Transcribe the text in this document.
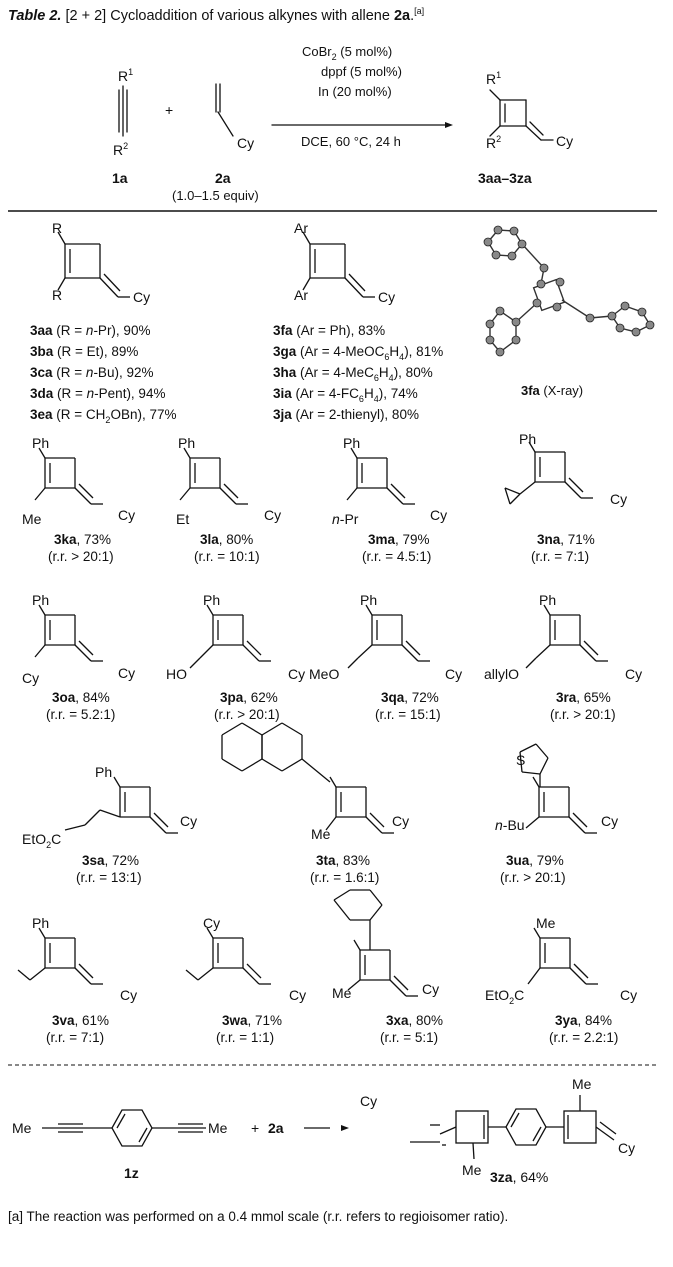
Table 2. [2 + 2] Cycloaddition of various alkynes with allene 2a.[a]
$R^1$
$R^2$
+
Cy
CoBr$_2$ (5 mol%)
dppf (5 mol%)
In (20 mol%)
DCE, 60 °C, 24 h
$R^1$
$R^2$	Cy
1a	2a
(1.0–1.5 equiv)
3aa–3za
R
R	Cy
Ar
Ar	Cy
3fa (X-ray)
3aa (R = n-Pr), 90%
3ba (R = Et), 89%
3ca (R = n-Bu), 92%
3da (R = n-Pent), 94%
3ea $(R = CH_2OBn)$, 77%
3fa (Ar = Ph), 83%
3ga $(Ar = 4-MeOC_6H_4)$, 81%
3ha $(Ar = 4-MeC_6H_4)$, 80%
3ia $(Ar = 4-FC_6H_4)$, 74%
3ja (Ar = 2-thienyl), 80%
Ph
Me	Cy
Ph
Et	Cy
Ph
n-Pr	Cy
Ph
Cy
Ph
Cy	Cy
Ph
HO	Cy
Ph
MeO	Cy
Ph
allylO	Cy
Ph
EtO$_2$C
Cy
Me
Cy
S
n-Bu	Cy
Ph
Cy
Cy
Cy Me	Cy
Me
EtO$_2$C	Cy
Me	Me
1z
+ 2a
Cy
Me
Me
Cy
3za, 64%
3ka, 73%
(r.r. > 20:1)
3la, 80%
(r.r. = 10:1)
3ma, 79%
(r.r. = 4.5:1)
3na, 71%
(r.r. = 7:1)
3oa, 84%
(r.r. = 5.2:1)
3pa, 62%
(r.r. > 20:1)
3qa, 72%
(r.r. = 15:1)
3ra, 65%
(r.r. > 20:1)
3sa, 72%
(r.r. = 13:1)
3ta, 83%
(r.r. = 1.6:1)
3ua, 79%
(r.r. > 20:1)
3va, 61%
(r.r. = 7:1)
3wa, 71%
(r.r. = 1:1)
3xa, 80%
(r.r. = 5:1)
3ya, 84%
(r.r. = 2.2:1)
[a] The reaction was performed on a 0.4 mmol scale (r.r. refers to regioisomer ratio).
